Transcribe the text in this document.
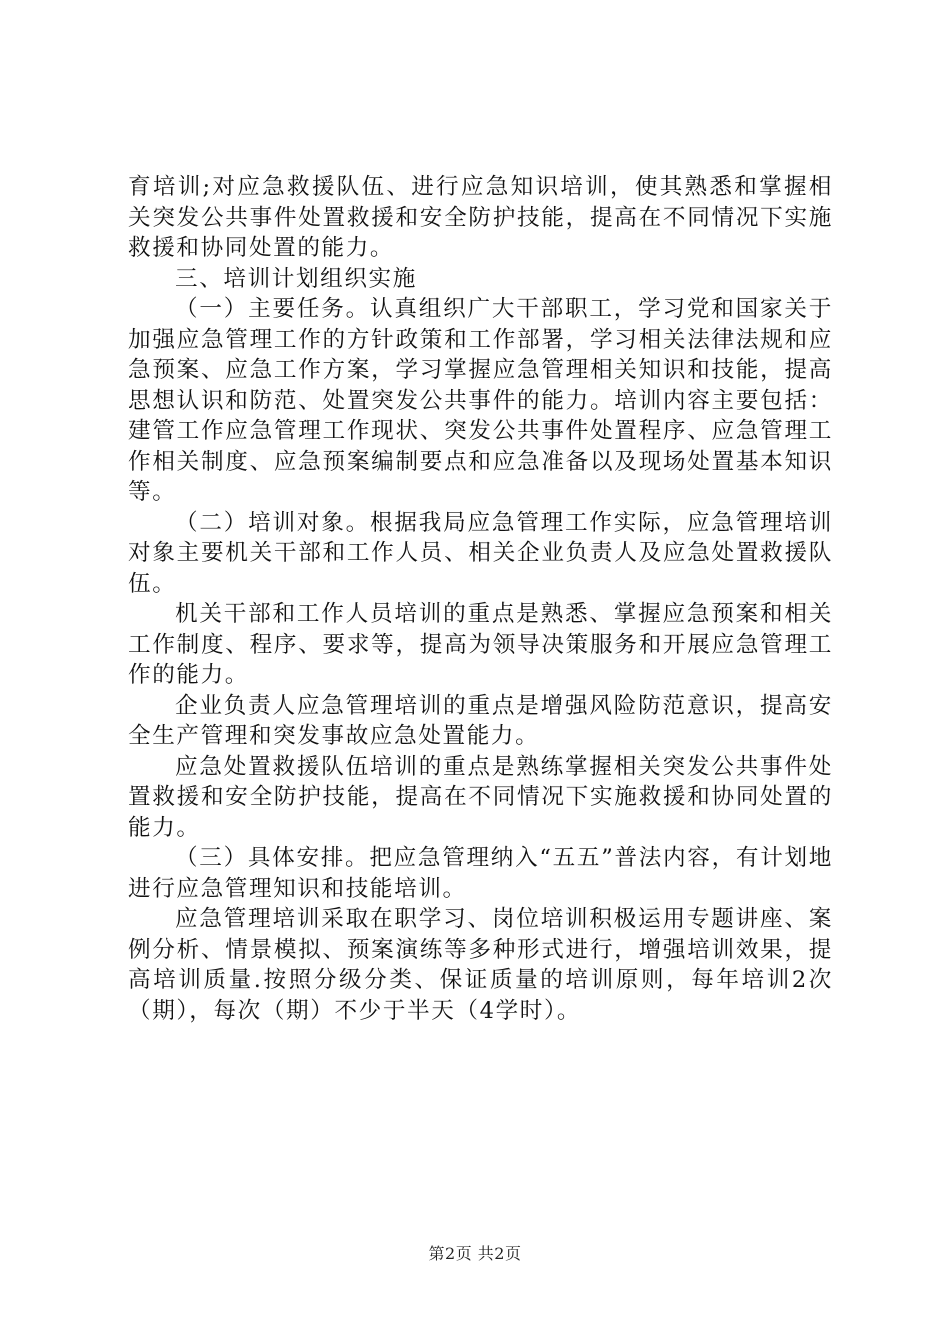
育培训;对应急救援队伍、进行应急知识培训，使其熟悉和掌握相关突发公共事件处置救援和安全防护技能，提高在不同情况下实施救援和协同处置的能力。

三、培训计划组织实施

（一）主要任务。认真组织广大干部职工，学习党和国家关于加强应急管理工作的方针政策和工作部署，学习相关法律法规和应急预案、应急工作方案，学习掌握应急管理相关知识和技能，提高思想认识和防范、处置突发公共事件的能力。培训内容主要包括：建管工作应急管理工作现状、突发公共事件处置程序、应急管理工作相关制度、应急预案编制要点和应急准备以及现场处置基本知识等。

（二）培训对象。根据我局应急管理工作实际，应急管理培训对象主要机关干部和工作人员、相关企业负责人及应急处置救援队伍。

机关干部和工作人员培训的重点是熟悉、掌握应急预案和相关工作制度、程序、要求等，提高为领导决策服务和开展应急管理工作的能力。

企业负责人应急管理培训的重点是增强风险防范意识，提高安全生产管理和突发事故应急处置能力。

应急处置救援队伍培训的重点是熟练掌握相关突发公共事件处置救援和安全防护技能，提高在不同情况下实施救援和协同处置的能力。

（三）具体安排。把应急管理纳入“五五”普法内容，有计划地进行应急管理知识和技能培训。

应急管理培训采取在职学习、岗位培训积极运用专题讲座、案例分析、情景模拟、预案演练等多种形式进行，增强培训效果，提高培训质量.按照分级分类、保证质量的培训原则，每年培训2次（期），每次（期）不少于半天（4学时）。

第2页 共2页
